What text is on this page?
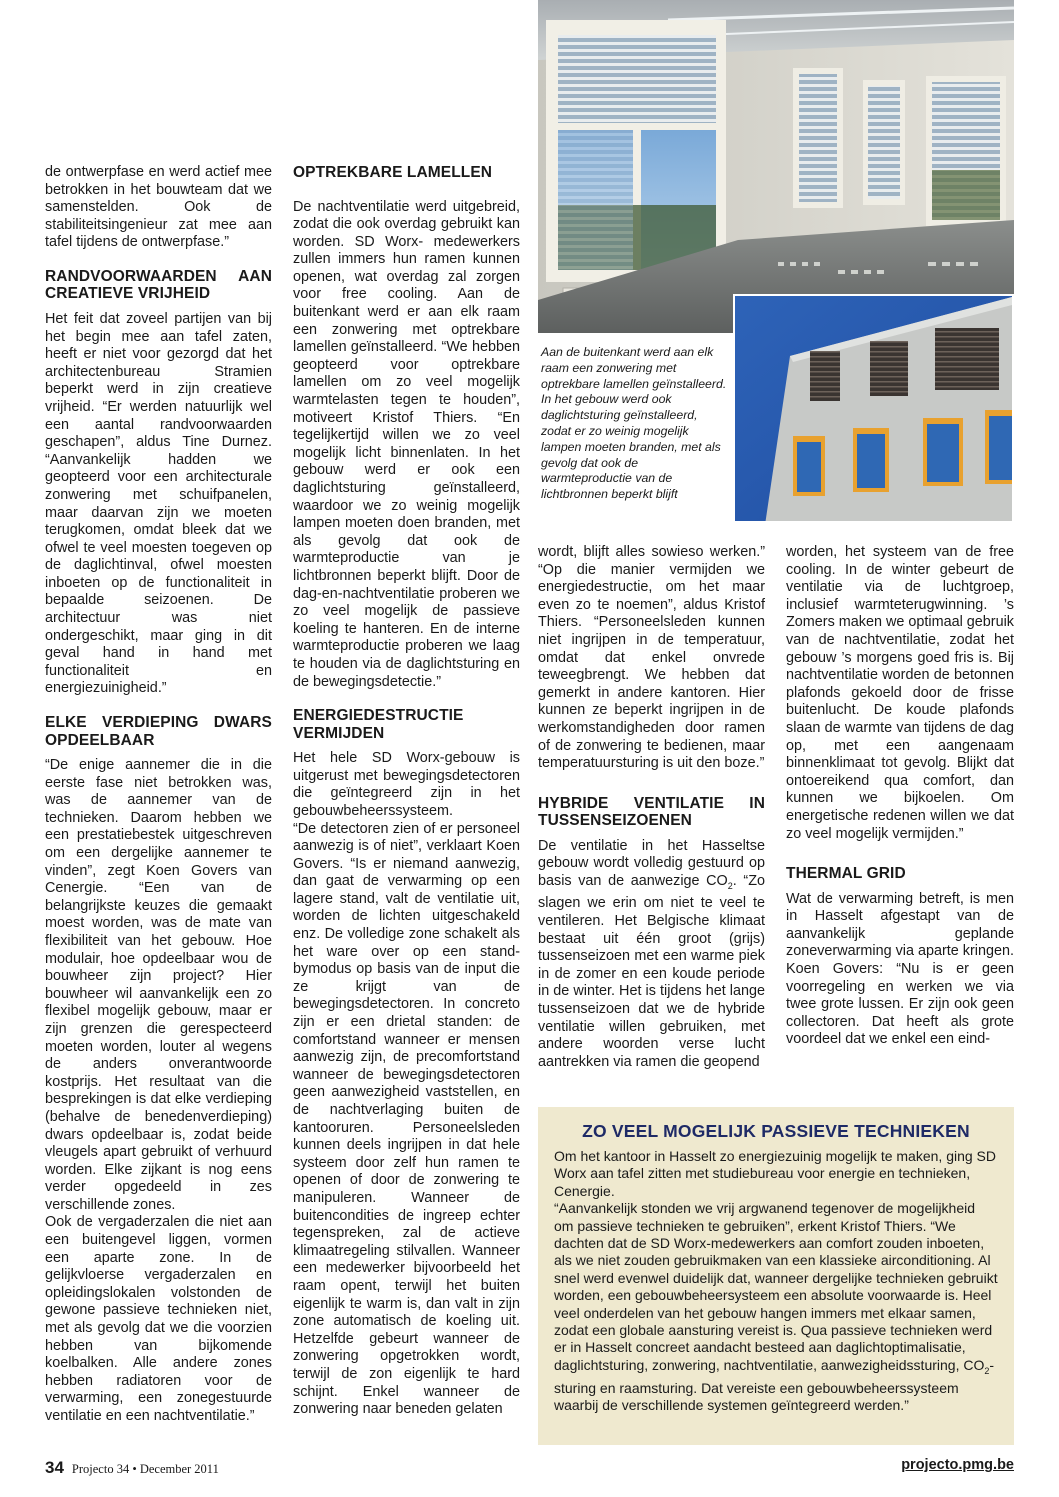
Aan de buitenkant werd aan elk raam een zonwering met optrekbare lamellen geïnstalleerd. In het gebouw werd ook daglichtsturing geïnstalleerd, zodat er zo weinig mogelijk lampen moeten branden, met als gevolg dat ook de warmteproductie van de lichtbronnen beperkt blijft

de ontwerpfase en werd actief mee betrokken in het bouwteam dat we samenstelden. Ook de stabiliteitsingenieur zat mee aan tafel tijdens de ontwerpfase.”

RANDVOORWAARDEN AAN CREATIEVE VRIJHEID

Het feit dat zoveel partijen van bij het begin mee aan tafel zaten, heeft er niet voor gezorgd dat het architectenbureau Stramien beperkt werd in zijn creatieve vrijheid. “Er werden natuurlijk wel een aantal randvoorwaarden geschapen”, aldus Tine Durnez. “Aanvankelijk hadden we geopteerd voor een architecturale zonwering met schuifpanelen, maar daarvan zijn we moeten terugkomen, omdat bleek dat we ofwel te veel moesten toegeven op de daglichtinval, ofwel moesten inboeten op de functionaliteit in bepaalde seizoenen. De architectuur was niet ondergeschikt, maar ging in dit geval hand in hand met functionaliteit en energiezuinigheid.”

ELKE VERDIEPING DWARS OPDEELBAAR

“De enige aannemer die in die eerste fase niet betrokken was, was de aannemer van de technieken. Daarom hebben we een prestatiebestek uitgeschreven om een dergelijke aannemer te vinden”, zegt Koen Govers van Cenergie. “Een van de belangrijkste keuzes die gemaakt moest worden, was de mate van flexibiliteit van het gebouw. Hoe modulair, hoe opdeelbaar wou de bouwheer zijn project? Hier bouwheer wil aanvankelijk een zo flexibel mogelijk gebouw, maar er zijn grenzen die gerespecteerd moeten worden, louter al wegens de anders onverantwoorde kostprijs. Het resultaat van die besprekingen is dat elke verdieping (behalve de benedenverdieping) dwars opdeelbaar is, zodat beide vleugels apart gebruikt of verhuurd worden. Elke zijkant is nog eens verder opgedeeld in zes verschillende zones.

Ook de vergaderzalen die niet aan een buitengevel liggen, vormen een aparte zone. In de gelijkvloerse vergaderzalen en opleidingslokalen volstonden de gewone passieve technieken niet, met als gevolg dat we die voorzien hebben van bijkomende koelbalken. Alle andere zones hebben radiatoren voor de verwarming, een zonegestuurde ventilatie en een nachtventilatie.”

OPTREKBARE LAMELLEN

De nachtventilatie werd uitgebreid, zodat die ook overdag gebruikt kan worden. SD Worx- medewerkers zullen immers hun ramen kunnen openen, wat overdag zal zorgen voor free cooling. Aan de buitenkant werd er aan elk raam een zonwering met optrekbare lamellen geïnstalleerd. “We hebben geopteerd voor optrekbare lamellen om zo veel mogelijk warmtelasten tegen te houden”, motiveert Kristof Thiers. “En tegelijkertijd willen we zo veel mogelijk licht binnenlaten. In het gebouw werd er ook een daglichtsturing geïnstalleerd, waardoor we zo weinig mogelijk lampen moeten doen branden, met als gevolg dat ook de warmteproductie van je lichtbronnen beperkt blijft. Door de dag-en-nachtventilatie proberen we zo veel mogelijk de passieve koeling te hanteren. En de interne warmteproductie proberen we laag te houden via de daglichtsturing en de bewegingsdetectie.”

ENERGIEDESTRUCTIE VERMIJDEN

Het hele SD Worx-gebouw is uitgerust met bewegingsdetectoren die geïntegreerd zijn in het gebouwbeheerssysteem.

“De detectoren zien of er personeel aanwezig is of niet”, verklaart Koen Govers. “Is er niemand aanwezig, dan gaat de verwarming op een lagere stand, valt de ventilatie uit, worden de lichten uitgeschakeld enz. De volledige zone schakelt als het ware over op een stand-bymodus op basis van de input die ze krijgt van de bewegingsdetectoren. In concreto zijn er een drietal standen: de comfortstand wanneer er mensen aanwezig zijn, de precomfortstand wanneer de bewegingsdetectoren geen aanwezigheid vaststellen, en de nachtverlaging buiten de kantooruren. Personeelsleden kunnen deels ingrijpen in dat hele systeem door zelf hun ramen te openen of door de zonwering te manipuleren. Wanneer de buitencondities de ingreep echter tegenspreken, zal de actieve klimaatregeling stilvallen. Wanneer een medewerker bijvoorbeeld het raam opent, terwijl het buiten eigenlijk te warm is, dan valt in zijn zone automatisch de koeling uit. Hetzelfde gebeurt wanneer de zonwering opgetrokken wordt, terwijl de zon eigenlijk te hard schijnt. Enkel wanneer de zonwering naar beneden gelaten

wordt, blijft alles sowieso werken.” “Op die manier vermijden we energiedestructie, om het maar even zo te noemen”, aldus Kristof Thiers. “Personeelsleden kunnen niet ingrijpen in de temperatuur, omdat dat enkel onvrede teweegbrengt. We hebben dat gemerkt in andere kantoren. Hier kunnen ze beperkt ingrijpen in de werkomstandigheden door ramen of de zonwering te bedienen, maar temperatuursturing is uit den boze.”

HYBRIDE VENTILATIE IN TUSSENSEIZOENEN

De ventilatie in het Hasseltse gebouw wordt volledig gestuurd op basis van de aanwezige $CO_2$. “Zo slagen we erin om niet te veel te ventileren. Het Belgische klimaat bestaat uit één groot (grijs) tussenseizoen met een warme piek in de zomer en een koude periode in de winter. Het is tijdens het lange tussenseizoen dat we de hybride ventilatie willen gebruiken, met andere woorden verse lucht aantrekken via ramen die geopend

worden, het systeem van de free cooling. In de winter gebeurt de ventilatie via de luchtgroep, inclusief warmteterugwinning. ’s Zomers maken we optimaal gebruik van de nachtventilatie, zodat het gebouw ’s morgens goed fris is. Bij nachtventilatie worden de betonnen plafonds gekoeld door de frisse buitenlucht. De koude plafonds slaan de warmte van tijdens de dag op, met een aangenaam binnenklimaat tot gevolg. Blijkt dat ontoereikend qua comfort, dan kunnen we bijkoelen. Om energetische redenen willen we dat zo veel mogelijk vermijden.”

THERMAL GRID

Wat de verwarming betreft, is men in Hasselt afgestapt van de aanvankelijk geplande zoneverwarming via aparte kringen. Koen Govers: “Nu is er geen voorregeling en werken we via twee grote lussen. Er zijn ook geen collectoren. Dat heeft als grote voordeel dat we enkel een eind-

ZO VEEL MOGELIJK PASSIEVE TECHNIEKEN

Om het kantoor in Hasselt zo energiezuinig mogelijk te maken, ging SD Worx aan tafel zitten met studiebureau voor energie en technieken, Cenergie.

“Aanvankelijk stonden we vrij argwanend tegenover de mogelijkheid om passieve technieken te gebruiken”, erkent Kristof Thiers. “We dachten dat de SD Worx-medewerkers aan comfort zouden inboeten, als we niet zouden gebruikmaken van een klassieke airconditioning. Al snel werd evenwel duidelijk dat, wanneer dergelijke technieken gebruikt worden, een gebouwbeheersysteem een absolute voorwaarde is. Heel veel onderdelen van het gebouw hangen immers met elkaar samen, zodat een globale aansturing vereist is. Qua passieve technieken werd er in Hasselt concreet aandacht besteed aan daglichtoptimalisatie, daglichtsturing, zonwering, nachtventilatie, aanwezigheidssturing, $CO_2$-sturing en raamsturing. Dat vereiste een gebouwbeheerssysteem waarbij de verschillende systemen geïntegreerd werden.”

34 Projecto 34 • December 2011	projecto.pmg.be
